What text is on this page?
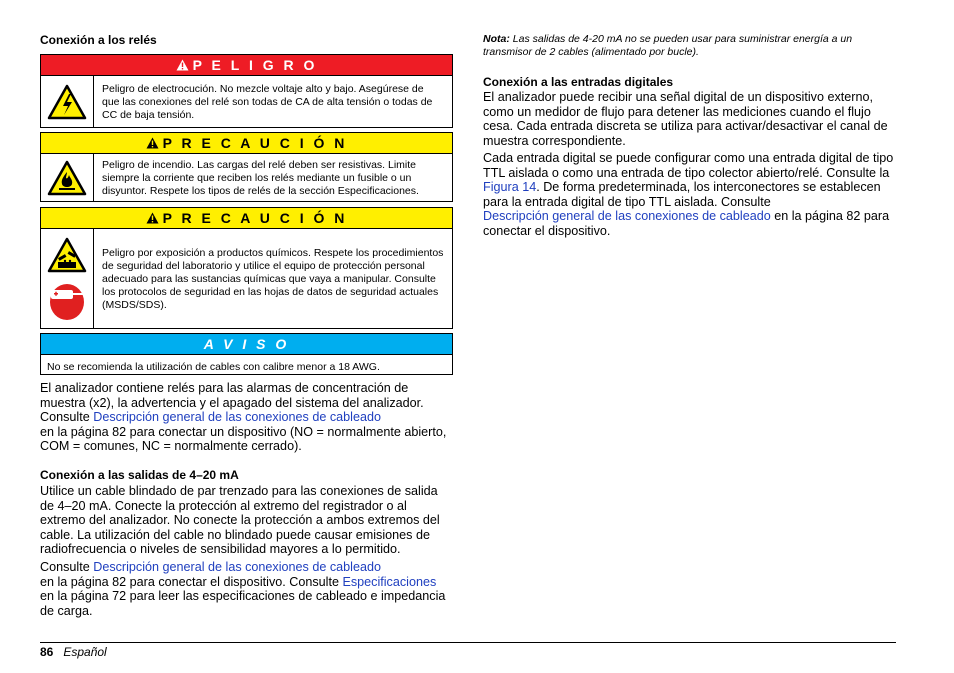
Conexión a los relés

P E L I G R O
Peligro de electrocución. No mezcle voltaje alto y bajo. Asegúrese de que las conexiones del relé son todas de CA de alta tensión o todas de CC de baja tensión.
P R E C A U C I Ó N
Peligro de incendio. Las cargas del relé deben ser resistivas. Limite siempre la corriente que reciben los relés mediante un fusible o un disyuntor. Respete los tipos de relés de la sección Especificaciones.
P R E C A U C I Ó N
Peligro por exposición a productos químicos. Respete los procedimientos de seguridad del laboratorio y utilice el equipo de protección personal adecuado para las sustancias químicas que vaya a manipular. Consulte los protocolos de seguridad en las hojas de datos de seguridad actuales (MSDS/SDS).
A V I S O
No se recomienda la utilización de cables con calibre menor a 18 AWG.

El analizador contiene relés para las alarmas de concentración de muestra (x2), la advertencia y el apagado del sistema del analizador. Consulte Descripción general de las conexiones de cableado
en la página 82 para conectar un dispositivo (NO = normalmente abierto, COM = comunes, NC = normalmente cerrado).

Conexión a las salidas de 4–20 mA

Utilice un cable blindado de par trenzado para las conexiones de salida de 4–20 mA. Conecte la protección al extremo del registrador o al extremo del analizador. No conecte la protección a ambos extremos del cable. La utilización del cable no blindado puede causar emisiones de radiofrecuencia o niveles de sensibilidad mayores a lo permitido.

Consulte Descripción general de las conexiones de cableado
en la página 82 para conectar el dispositivo. Consulte Especificaciones
en la página 72 para leer las especificaciones de cableado e impedancia de carga.

Nota: Las salidas de 4-20 mA no se pueden usar para suministrar energía a un transmisor de 2 cables (alimentado por bucle).

Conexión a las entradas digitales

El analizador puede recibir una señal digital de un dispositivo externo, como un medidor de flujo para detener las mediciones cuando el flujo cesa. Cada entrada discreta se utiliza para activar/desactivar el canal de muestra correspondiente.

Cada entrada digital se puede configurar como una entrada digital de tipo TTL aislada o como una entrada de tipo colector abierto/relé. Consulte la Figura 14. De forma predeterminada, los interconectores se establecen para la entrada digital de tipo TTL aislada. Consulte
Descripción general de las conexiones de cableado en la página 82 para conectar el dispositivo.

86 Español
